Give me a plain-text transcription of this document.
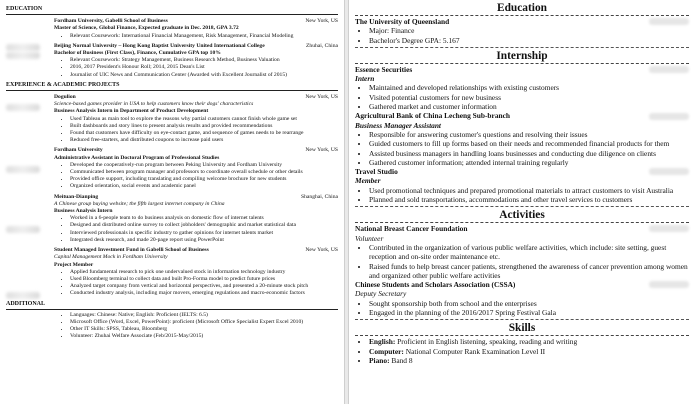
EDUCATION
Fordham University, Gabelli School of Business	New York, US
Master of Science, Global Finance, Expected graduate in Dec. 2018, GPA 3.72
• Relevant Coursework: International Financial Management, Risk Management, Financial Modeling
Beijing Normal University – Hong Kong Baptist University United International College	Zhuhai, China
Bachelor of Business (First Class), Finance, Cumulative GPA top 10%
• Relevant Coursework: Strategy Management, Business Research Method, Business Valuation
• 2016, 2017 President's Honour Roll; 2014, 2015 Dean's List
• Journalist of UIC News and Communication Center (Awarded with Excellent Journalist of 2015)
EXPERIENCE & ACADEMIC PROJECTS
Dogulion	New York, US
Science-based games provider in USA to help customers know their dogs' characteristics
Business Analysis Intern in Department of Product Development
• Used Tableau as main tool to explore the reasons why partial customers cannot finish whole game set
• Built dashboards and story lines to present analysis results and provided recommendations
• Found that customers have difficulty on eye-contact game, and sequence of games needs to be rearrange
• Reduced free-starters, and distributed coupons to increase paid users
Fordham University	New York, US
Administrative Assistant in Doctoral Program of Professional Studies
• Developed the cooperatively-run program between Peking University and Fordham University
• Communicated between program manager and professors to coordinate overall schedule or other details
• Provided office support, including translating and compiling welcome brochure for new students
• Organized orientation, social events and academic panel
Meituan-Dianping	Shanghai, China
A Chinese group buying website; the fifth largest internet company in China
Business Analysis Intern
• Worked in a 6-people team to do business analysis on domestic flow of internet talents
• Designed and distributed online survey to collect jobholders' demographic and market statistical data
• Interviewed professionals in specific industry to gather opinions for internet talents market
• Integrated desk research, and made 20-page report using PowerPoint
Student Managed Investment Fund in Gabelli School of Business	New York, US
Capital Management Mock in Fordham University
Project Member
• Applied fundamental research to pick one undervalued stock in information technology industry
• Used Bloomberg terminal to collect data and built Pro-Forma model to predict future prices
• Analyzed target company from vertical and horizontal perspectives, and presented a 20-minute stock pitch
• Conducted industry analysis, including major movers, emerging regulations and macro-economic factors
ADDITIONAL
• Languages: Chinese: Native; English: Proficient (IELTS: 6.5)
• Microsoft Office (Word, Excel, PowerPoint): proficient (Microsoft Office Specialist Expert Excel 2010)
• Other IT Skills: SPSS, Tableau, Bloomberg
• Volunteer: Zhuhai Welfare Associate (Feb/2015-May/2015)
Education
The University of Queensland
• Major: Finance
• Bachelor's Degree GPA: 5.167
Internship
Essence Securities
Intern
• Maintained and developed relationships with existing customers
• Visited potential customers for new business
• Gathered market and customer information
Agricultural Bank of China Lecheng Sub-branch
Business Manager Assistant
• Responsible for answering customer's questions and resolving their issues
• Guided customers to fill up forms based on their needs and recommended financial products for them
• Assisted business managers in handling loans businesses and conducting due diligence on clients
• Gathered customer information; attended internal training regularly
Travel Studio
Member
• Used promotional techniques and prepared promotional materials to attract customers to visit Australia
• Planned and sold transportations, accommodations and other travel services to customers
Activities
National Breast Cancer Foundation
Volunteer
• Contributed in the organization of various public welfare activities, which include: site setting, guest reception and on-site order maintenance etc.
• Raised funds to help breast cancer patients, strengthened the awareness of cancer prevention among women and organized other public welfare activities
Chinese Students and Scholars Association (CSSA)
Deputy Secretary
• Sought sponsorship both from school and the enterprises
• Engaged in the planning of the 2016/2017 Spring Festival Gala
Skills
• English: Proficient in English listening, speaking, reading and writing
• Computer: National Computer Rank Examination Level II
• Piano: Band 8
